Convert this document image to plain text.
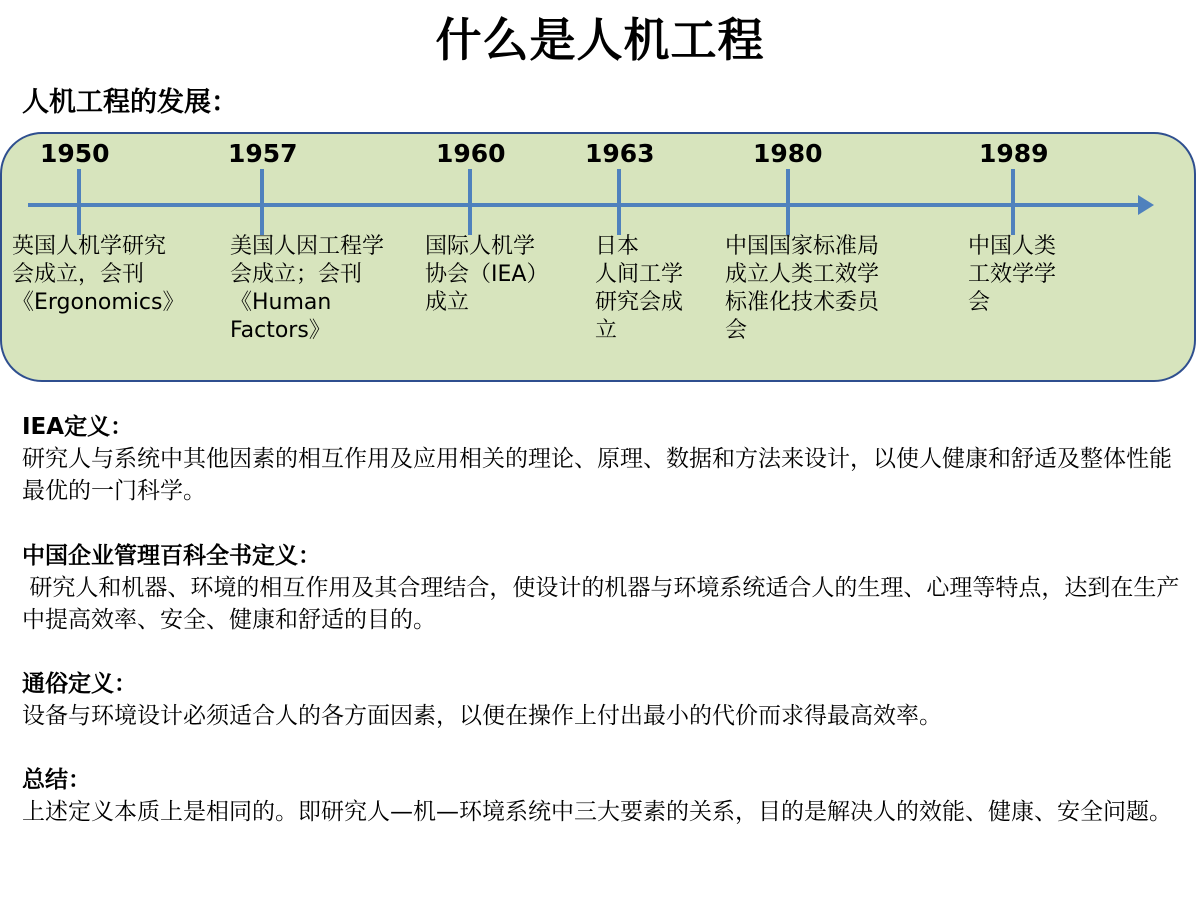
什么是人机工程
人机工程的发展：
1950
英国人机学研究
会成立，会刊
《Ergonomics》
1957
美国人因工程学
会成立；会刊
《Human
Factors》
1960
国际人机学
协会（IEA）
成立
1963
日本
人间工学
研究会成
立
1980
中国国家标准局
成立人类工效学
标准化技术委员
会
1989
中国人类
工效学学
会
IEA定义：
研究人与系统中其他因素的相互作用及应用相关的理论、原理、数据和方法来设计，以使人健康和舒适及整体性能最优的一门科学。
中国企业管理百科全书定义：
研究人和机器、环境的相互作用及其合理结合，使设计的机器与环境系统适合人的生理、心理等特点，达到在生产中提高效率、安全、健康和舒适的目的。
通俗定义：
设备与环境设计必须适合人的各方面因素，以便在操作上付出最小的代价而求得最高效率。
总结：
上述定义本质上是相同的。即研究人—机—环境系统中三大要素的关系，目的是解决人的效能、健康、安全问题。
